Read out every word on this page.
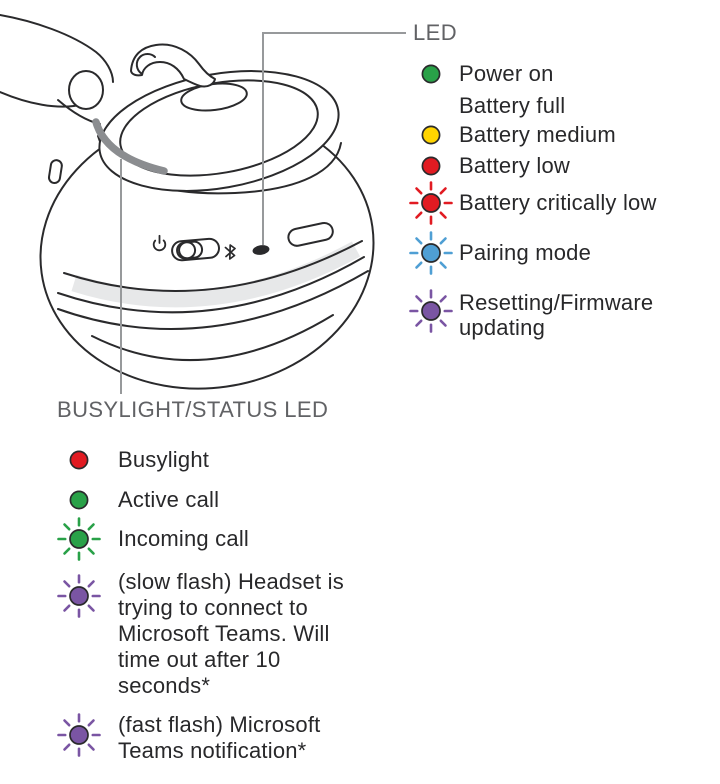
LED
Power on
Battery full
Battery medium
Battery low
Battery critically low
Pairing mode
Resetting/Firmware
updating
BUSYLIGHT/STATUS LED
Busylight
Active call
Incoming call
(slow flash) Headset is
trying to connect to
Microsoft Teams. Will
time out after 10
seconds*
(fast flash) Microsoft
Teams notification*
